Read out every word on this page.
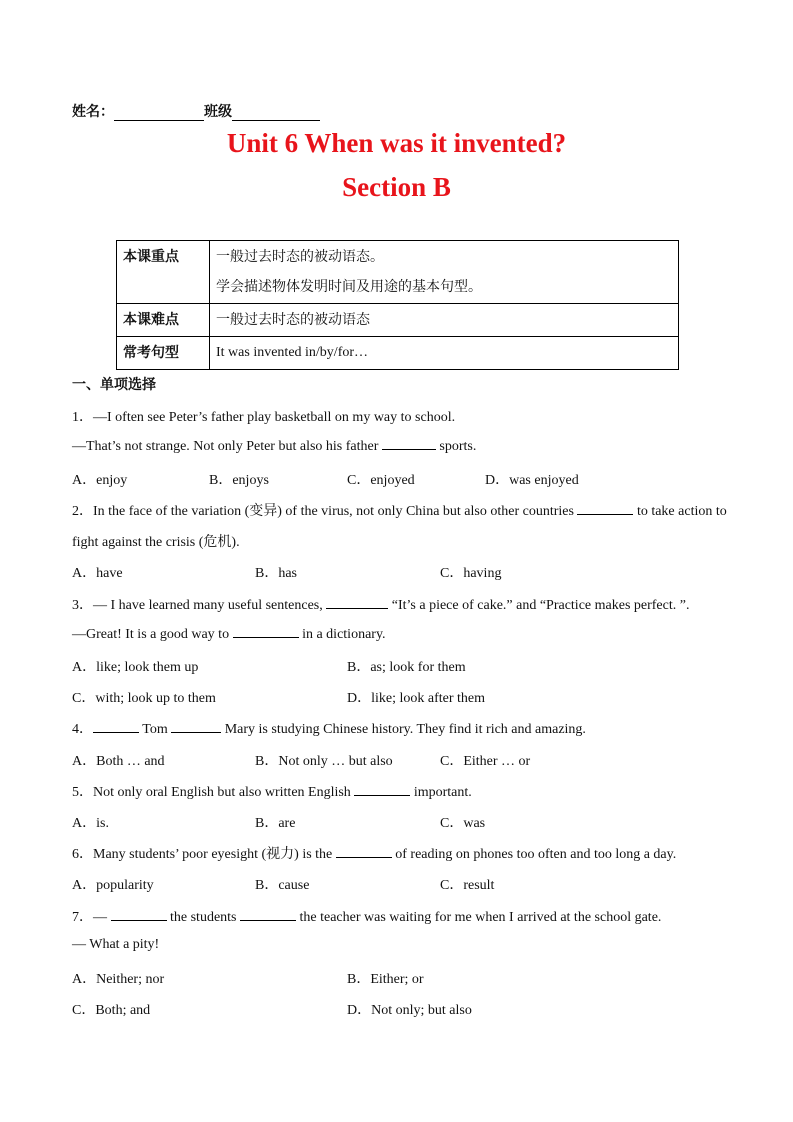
姓名：	班级
Unit 6 When was it invented?
Section B
本课重点	一般过去时态的被动语态。
学会描述物体发明时间及用途的基本句型。

本课难点	一般过去时态的被动语态

常考句型	It was invented in/by/for…
一、单项选择
1．—I often see Peter’s father play basketball on my way to school.
—That’s not strange. Not only Peter but also his father	sports.
A．enjoy	B．enjoys	C．enjoyed	D．was enjoyed
2．In the face of the variation (变异) of the virus, not only China but also other countries	to take action to
fight against the crisis (危机).
A．have	B．has	C．having
3．— I have learned many useful sentences,	“It’s a piece of cake.” and “Practice makes perfect. ”.
—Great! It is a good way to	in a dictionary.
A．like; look them up	B．as; look for them
C．with; look up to them	D．like; look after them
4．	Tom	Mary is studying Chinese history. They find it rich and amazing.
A．Both … and	B．Not only … but also	C．Either … or
5．Not only oral English but also written English	important.
A．is.	B．are	C．was
6．Many students’ poor eyesight (视力) is the	of reading on phones too often and too long a day.
A．popularity	B．cause	C．result
7．—	the students	the teacher was waiting for me when I arrived at the school gate.
— What a pity!
A．Neither; nor	B．Either; or
C．Both; and	D．Not only; but also
